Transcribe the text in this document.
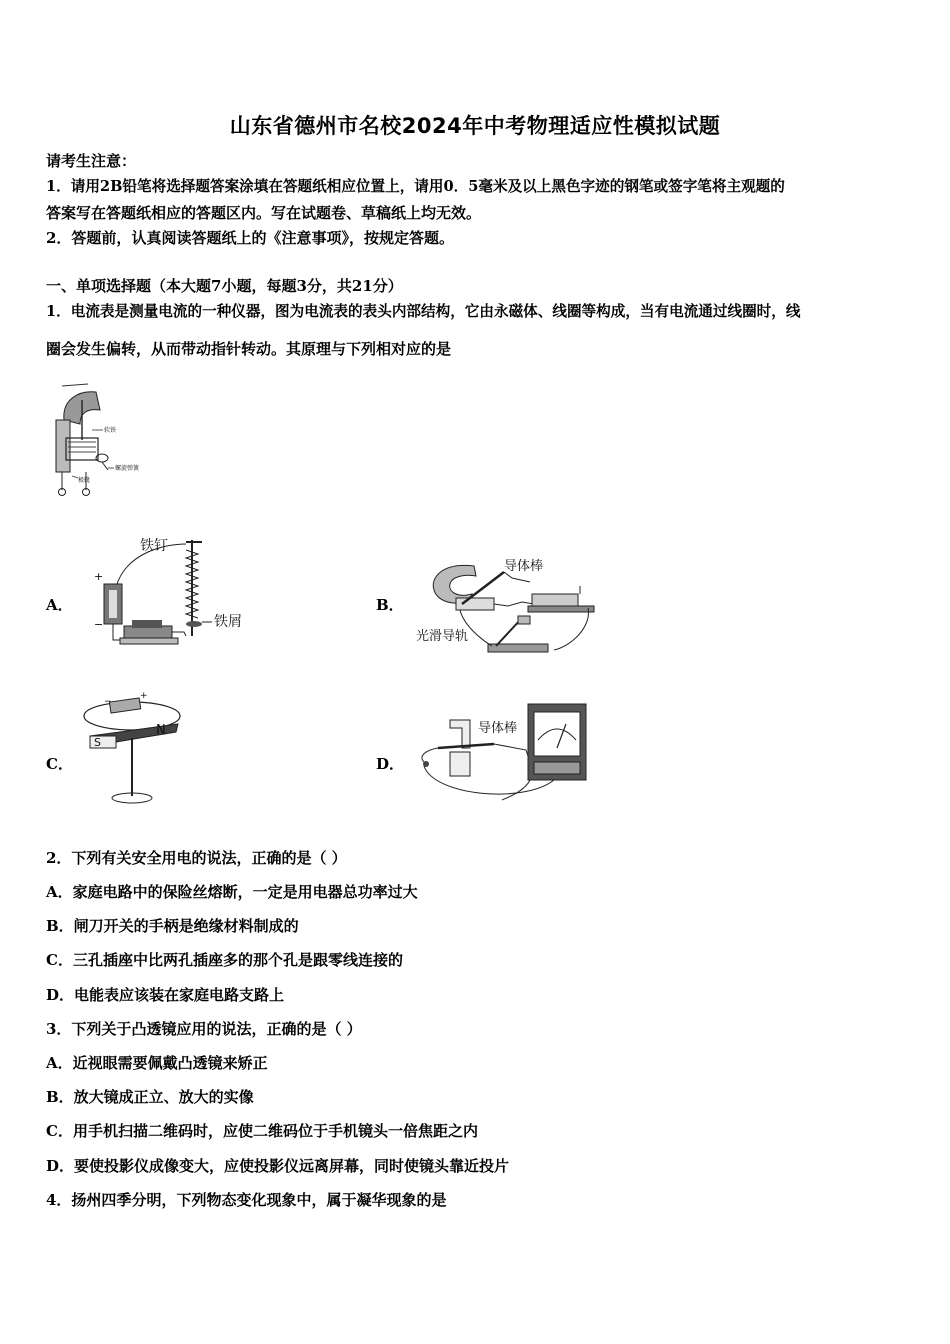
山东省德州市名校2024年中考物理适应性模拟试题
请考生注意：
1．请用2B铅笔将选择题答案涂填在答题纸相应位置上，请用0．5毫米及以上黑色字迹的钢笔或签字笔将主观题的
答案写在答题纸相应的答题区内。写在试题卷、草稿纸上均无效。
2．答题前，认真阅读答题纸上的《注意事项》，按规定答题。
一、单项选择题（本大题7小题，每题3分，共21分）
1．电流表是测量电流的一种仪器，图为电流表的表头内部结构，它由永磁体、线圈等构成，当有电流通过线圈时，线
圈会发生偏转，从而带动指针转动。其原理与下列相对应的是
软铁
螺旋弹簧
极靴
A．
铁钉
+
−	铁屑
B．
导体棒
光滑导轨
C．
+
−
N
S
D．
导体棒
2．下列有关安全用电的说法，正确的是（ ）
A．家庭电路中的保险丝熔断，一定是用电器总功率过大
B．闸刀开关的手柄是绝缘材料制成的
C．三孔插座中比两孔插座多的那个孔是跟零线连接的
D．电能表应该装在家庭电路支路上
3．下列关于凸透镜应用的说法，正确的是（ ）
A．近视眼需要佩戴凸透镜来矫正
B．放大镜成正立、放大的实像
C．用手机扫描二维码时，应使二维码位于手机镜头一倍焦距之内
D．要使投影仪成像变大，应使投影仪远离屏幕，同时使镜头靠近投片
4．扬州四季分明，下列物态变化现象中，属于凝华现象的是
